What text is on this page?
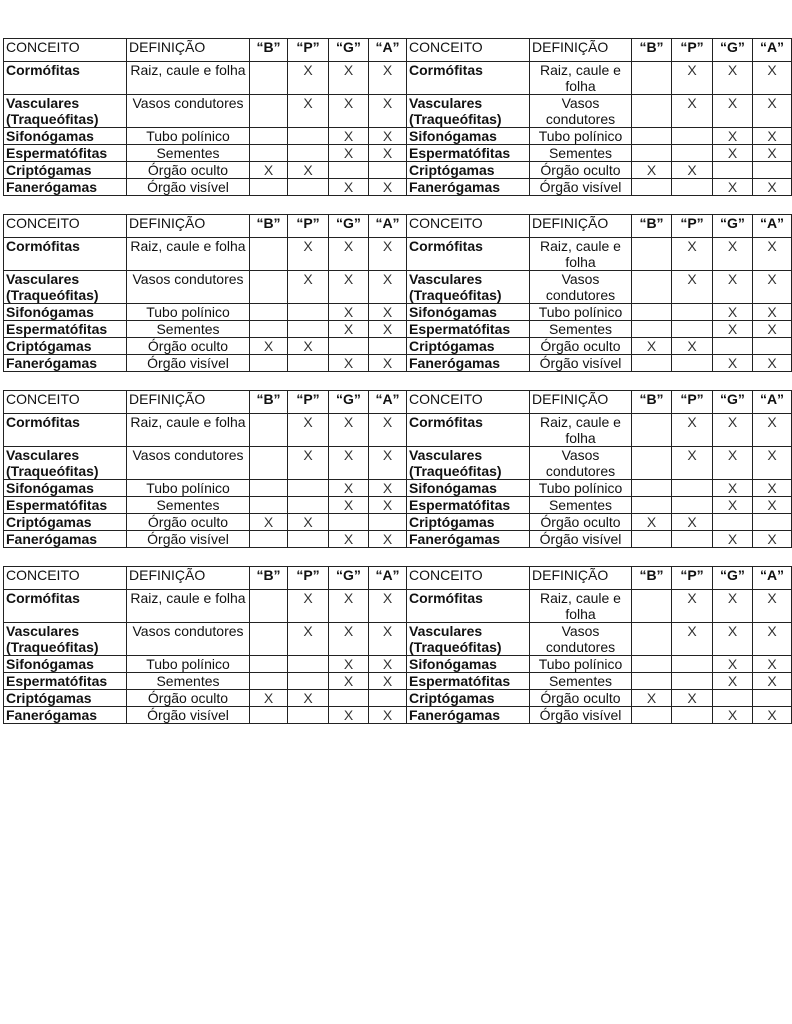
CONCEITO	DEFINIÇÃO	“B”	“P”	“G”	“A”	CONCEITO	DEFINIÇÃO	“B”	“P”	“G”	“A”
Cormófitas	Raiz, caule e folha		X	X	X	Cormófitas	Raiz, caule e folha		X	X	X
Vasculares (Traqueófitas)	Vasos condutores		X	X	X	Vasculares (Traqueófitas)	Vasos condutores		X	X	X
Sifonógamas	Tubo polínico			X	X	Sifonógamas	Tubo polínico			X	X
Espermatófitas	Sementes			X	X	Espermatófitas	Sementes			X	X
Criptógamas	Órgão oculto	X	X			Criptógamas	Órgão oculto	X	X		
Fanerógamas	Órgão visível			X	X	Fanerógamas	Órgão visível			X	X
CONCEITO	DEFINIÇÃO	“B”	“P”	“G”	“A”	CONCEITO	DEFINIÇÃO	“B”	“P”	“G”	“A”
Cormófitas	Raiz, caule e folha		X	X	X	Cormófitas	Raiz, caule e folha		X	X	X
Vasculares (Traqueófitas)	Vasos condutores		X	X	X	Vasculares (Traqueófitas)	Vasos condutores		X	X	X
Sifonógamas	Tubo polínico			X	X	Sifonógamas	Tubo polínico			X	X
Espermatófitas	Sementes			X	X	Espermatófitas	Sementes			X	X
Criptógamas	Órgão oculto	X	X			Criptógamas	Órgão oculto	X	X		
Fanerógamas	Órgão visível			X	X	Fanerógamas	Órgão visível			X	X
CONCEITO	DEFINIÇÃO	“B”	“P”	“G”	“A”	CONCEITO	DEFINIÇÃO	“B”	“P”	“G”	“A”
Cormófitas	Raiz, caule e folha		X	X	X	Cormófitas	Raiz, caule e folha		X	X	X
Vasculares (Traqueófitas)	Vasos condutores		X	X	X	Vasculares (Traqueófitas)	Vasos condutores		X	X	X
Sifonógamas	Tubo polínico			X	X	Sifonógamas	Tubo polínico			X	X
Espermatófitas	Sementes			X	X	Espermatófitas	Sementes			X	X
Criptógamas	Órgão oculto	X	X			Criptógamas	Órgão oculto	X	X		
Fanerógamas	Órgão visível			X	X	Fanerógamas	Órgão visível			X	X
CONCEITO	DEFINIÇÃO	“B”	“P”	“G”	“A”	CONCEITO	DEFINIÇÃO	“B”	“P”	“G”	“A”
Cormófitas	Raiz, caule e folha		X	X	X	Cormófitas	Raiz, caule e folha		X	X	X
Vasculares (Traqueófitas)	Vasos condutores		X	X	X	Vasculares (Traqueófitas)	Vasos condutores		X	X	X
Sifonógamas	Tubo polínico			X	X	Sifonógamas	Tubo polínico			X	X
Espermatófitas	Sementes			X	X	Espermatófitas	Sementes			X	X
Criptógamas	Órgão oculto	X	X			Criptógamas	Órgão oculto	X	X		
Fanerógamas	Órgão visível			X	X	Fanerógamas	Órgão visível			X	X
